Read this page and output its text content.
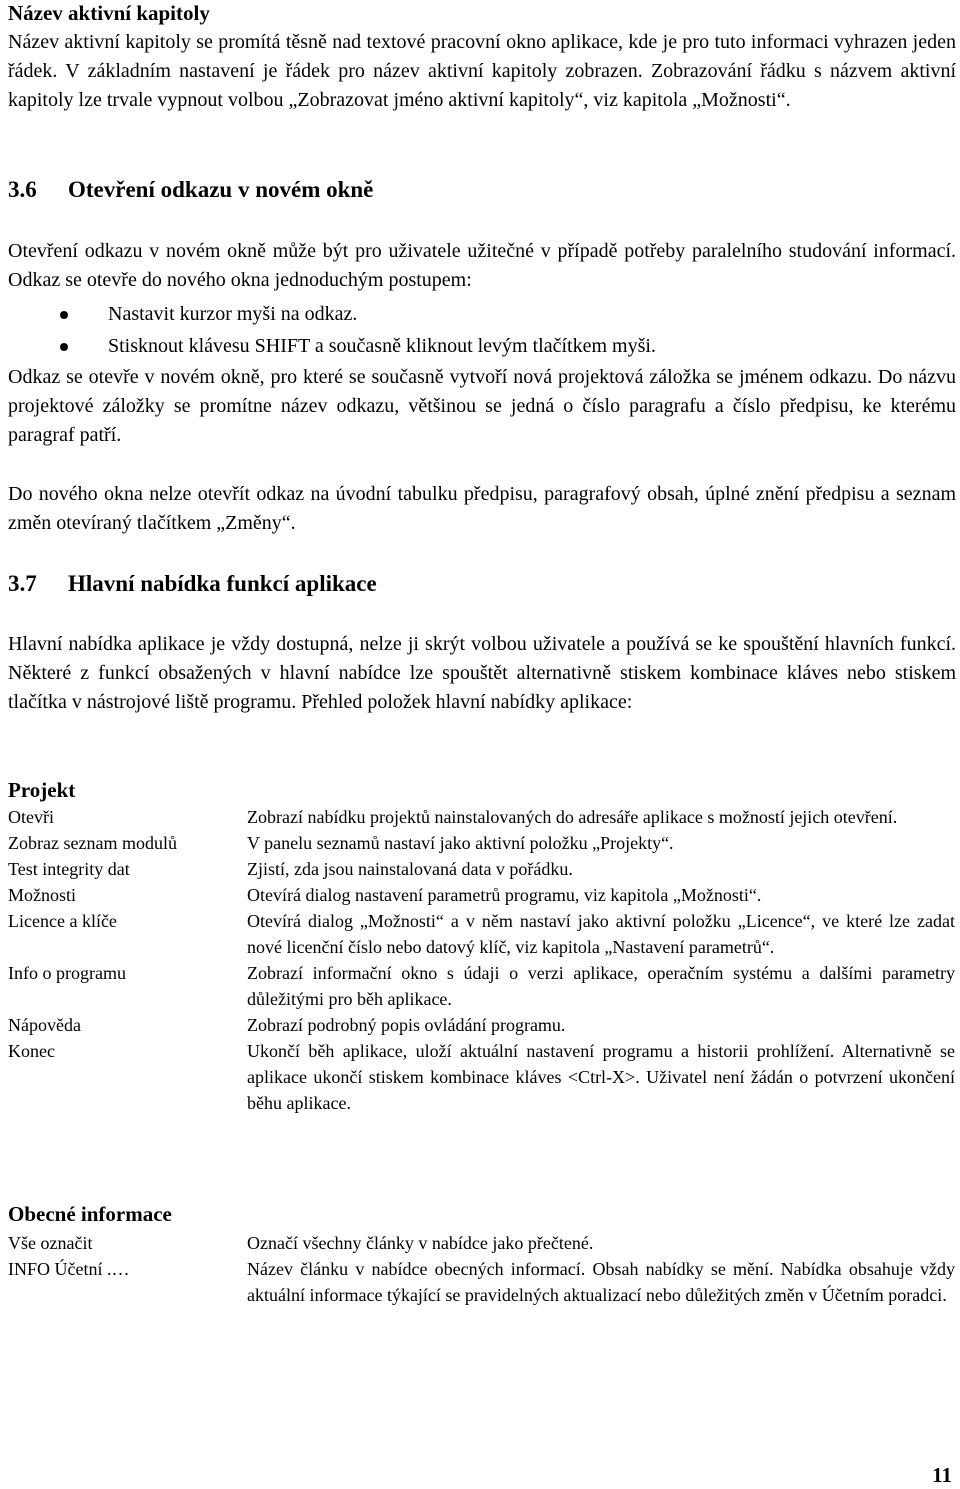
Název aktivní kapitoly

Název aktivní kapitoly se promítá těsně nad textové pracovní okno aplikace, kde je pro tuto informaci vyhrazen jeden řádek. V základním nastavení je řádek pro název aktivní kapitoly zobrazen. Zobrazování řádku s názvem aktivní kapitoly lze trvale vypnout volbou „Zobrazovat jméno aktivní kapitoly“, viz kapitola „Možnosti“.

3.6 Otevření odkazu v novém okně

Otevření odkazu v novém okně může být pro uživatele užitečné v případě potřeby paralelního studování informací. Odkaz se otevře do nového okna jednoduchým postupem:

Nastavit kurzor myši na odkaz.
Stisknout klávesu SHIFT a současně kliknout levým tlačítkem myši.

Odkaz se otevře v novém okně, pro které se současně vytvoří nová projektová záložka se jménem odkazu. Do názvu projektové záložky se promítne název odkazu, většinou se jedná o číslo paragrafu a číslo předpisu, ke kterému paragraf patří.

Do nového okna nelze otevřít odkaz na úvodní tabulku předpisu, paragrafový obsah, úplné znění předpisu a seznam změn otevíraný tlačítkem „Změny“.

3.7 Hlavní nabídka funkcí aplikace

Hlavní nabídka aplikace je vždy dostupná, nelze ji skrýt volbou uživatele a používá se ke spouštění hlavních funkcí. Některé z funkcí obsažených v hlavní nabídce lze spouštět alternativně stiskem kombinace kláves nebo stiskem tlačítka v nástrojové liště programu. Přehled položek hlavní nabídky aplikace:

Projekt

Otevři	Zobrazí nabídku projektů nainstalovaných do adresáře aplikace s možností jejich otevření.
Zobraz seznam modulů	V panelu seznamů nastaví jako aktivní položku „Projekty“.
Test integrity dat	Zjistí, zda jsou nainstalovaná data v pořádku.
Možnosti	Otevírá dialog nastavení parametrů programu, viz kapitola „Možnosti“.
Licence a klíče	Otevírá dialog „Možnosti“ a v něm nastaví jako aktivní položku „Licence“, ve které lze zadat nové licenční číslo nebo datový klíč, viz kapitola „Nastavení parametrů“.
Info o programu	Zobrazí informační okno s údaji o verzi aplikace, operačním systému a dalšími parametry důležitými pro běh aplikace.
Nápověda	Zobrazí podrobný popis ovládání programu.
Konec	Ukončí běh aplikace, uloží aktuální nastavení programu a historii prohlížení. Alternativně se aplikace ukončí stiskem kombinace kláves <Ctrl-X>. Uživatel není žádán o potvrzení ukončení běhu aplikace.

Obecné informace

Vše označit	Označí všechny články v nabídce jako přečtené.
INFO Účetní .…	Název článku v nabídce obecných informací. Obsah nabídky se mění. Nabídka obsahuje vždy aktuální informace týkající se pravidelných aktualizací nebo důležitých změn v Účetním poradci.
11
